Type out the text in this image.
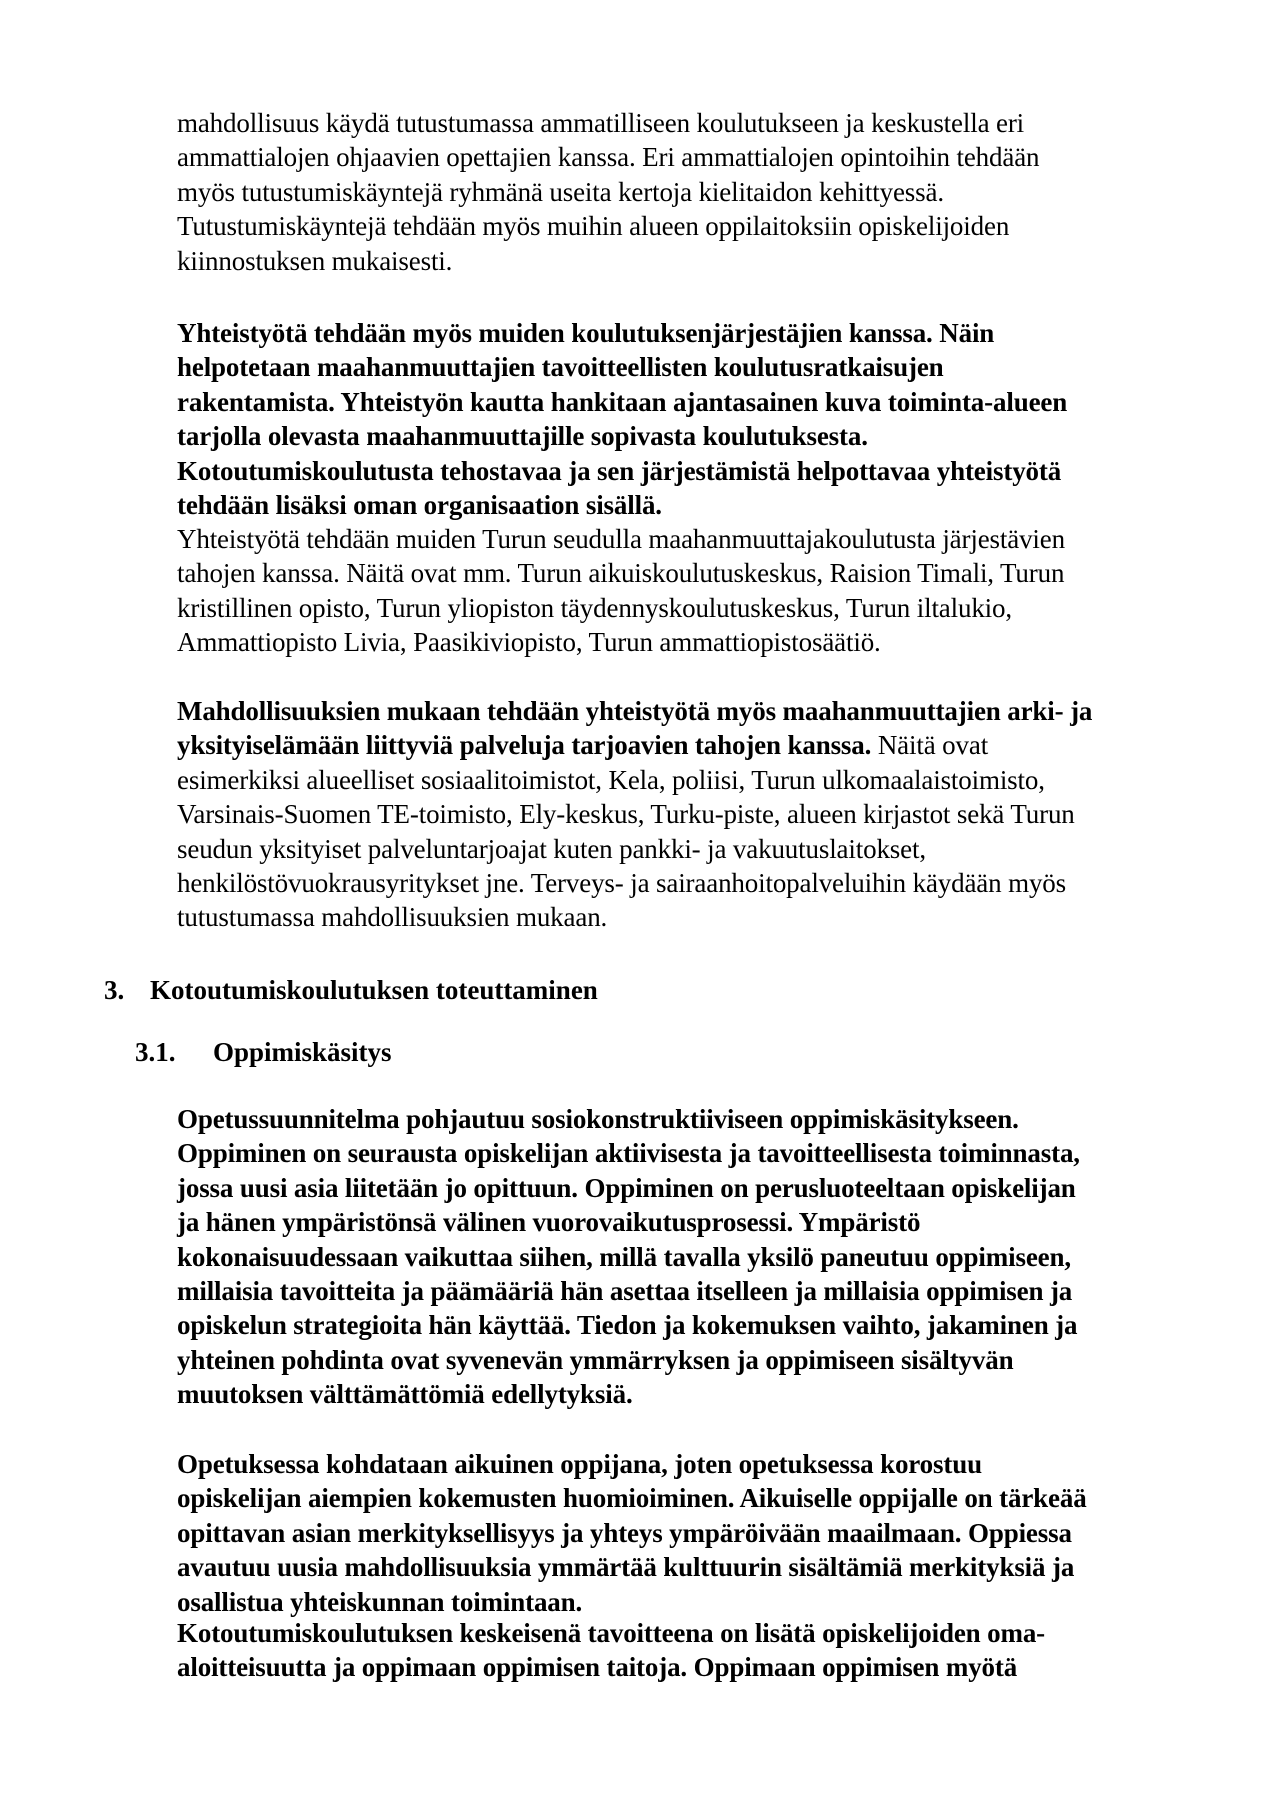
mahdollisuus käydä tutustumassa ammatilliseen koulutukseen ja keskustella eri
ammattialojen ohjaavien opettajien kanssa. Eri ammattialojen opintoihin tehdään
myös tutustumiskäyntejä ryhmänä useita kertoja kielitaidon kehittyessä.
Tutustumiskäyntejä tehdään myös muihin alueen oppilaitoksiin opiskelijoiden
kiinnostuksen mukaisesti.
Yhteistyötä tehdään myös muiden koulutuksenjärjestäjien kanssa. Näin
helpotetaan maahanmuuttajien tavoitteellisten koulutusratkaisujen
rakentamista. Yhteistyön kautta hankitaan ajantasainen kuva toiminta-alueen
tarjolla olevasta maahanmuuttajille sopivasta koulutuksesta.
Kotoutumiskoulutusta tehostavaa ja sen järjestämistä helpottavaa yhteistyötä
tehdään lisäksi oman organisaation sisällä.
Yhteistyötä tehdään muiden Turun seudulla maahanmuuttajakoulutusta järjestävien
tahojen kanssa. Näitä ovat mm. Turun aikuiskoulutuskeskus, Raision Timali, Turun
kristillinen opisto, Turun yliopiston täydennyskoulutuskeskus, Turun iltalukio,
Ammattiopisto Livia, Paasikiviopisto, Turun ammattiopistosäätiö.
Mahdollisuuksien mukaan tehdään yhteistyötä myös maahanmuuttajien arki- ja
yksityiselämään liittyviä palveluja tarjoavien tahojen kanssa. Näitä ovat
esimerkiksi alueelliset sosiaalitoimistot, Kela, poliisi, Turun ulkomaalaistoimisto,
Varsinais-Suomen TE-toimisto, Ely-keskus, Turku-piste, alueen kirjastot sekä Turun
seudun yksityiset palveluntarjoajat kuten pankki- ja vakuutuslaitokset,
henkilöstövuokrausyritykset jne. Terveys- ja sairaanhoitopalveluihin käydään myös
tutustumassa mahdollisuuksien mukaan.
3. Kotoutumiskoulutuksen toteuttaminen
3.1. Oppimiskäsitys
Opetussuunnitelma pohjautuu sosiokonstruktiiviseen oppimiskäsitykseen.
Oppiminen on seurausta opiskelijan aktiivisesta ja tavoitteellisesta toiminnasta,
jossa uusi asia liitetään jo opittuun. Oppiminen on perusluoteeltaan opiskelijan
ja hänen ympäristönsä välinen vuorovaikutusprosessi. Ympäristö
kokonaisuudessaan vaikuttaa siihen, millä tavalla yksilö paneutuu oppimiseen,
millaisia tavoitteita ja päämääriä hän asettaa itselleen ja millaisia oppimisen ja
opiskelun strategioita hän käyttää. Tiedon ja kokemuksen vaihto, jakaminen ja
yhteinen pohdinta ovat syvenevän ymmärryksen ja oppimiseen sisältyvän
muutoksen välttämättömiä edellytyksiä.
Opetuksessa kohdataan aikuinen oppijana, joten opetuksessa korostuu
opiskelijan aiempien kokemusten huomioiminen. Aikuiselle oppijalle on tärkeää
opittavan asian merkityksellisyys ja yhteys ympäröivään maailmaan. Oppiessa
avautuu uusia mahdollisuuksia ymmärtää kulttuurin sisältämiä merkityksiä ja
osallistua yhteiskunnan toimintaan.
Kotoutumiskoulutuksen keskeisenä tavoitteena on lisätä opiskelijoiden oma-
aloitteisuutta ja oppimaan oppimisen taitoja. Oppimaan oppimisen myötä
